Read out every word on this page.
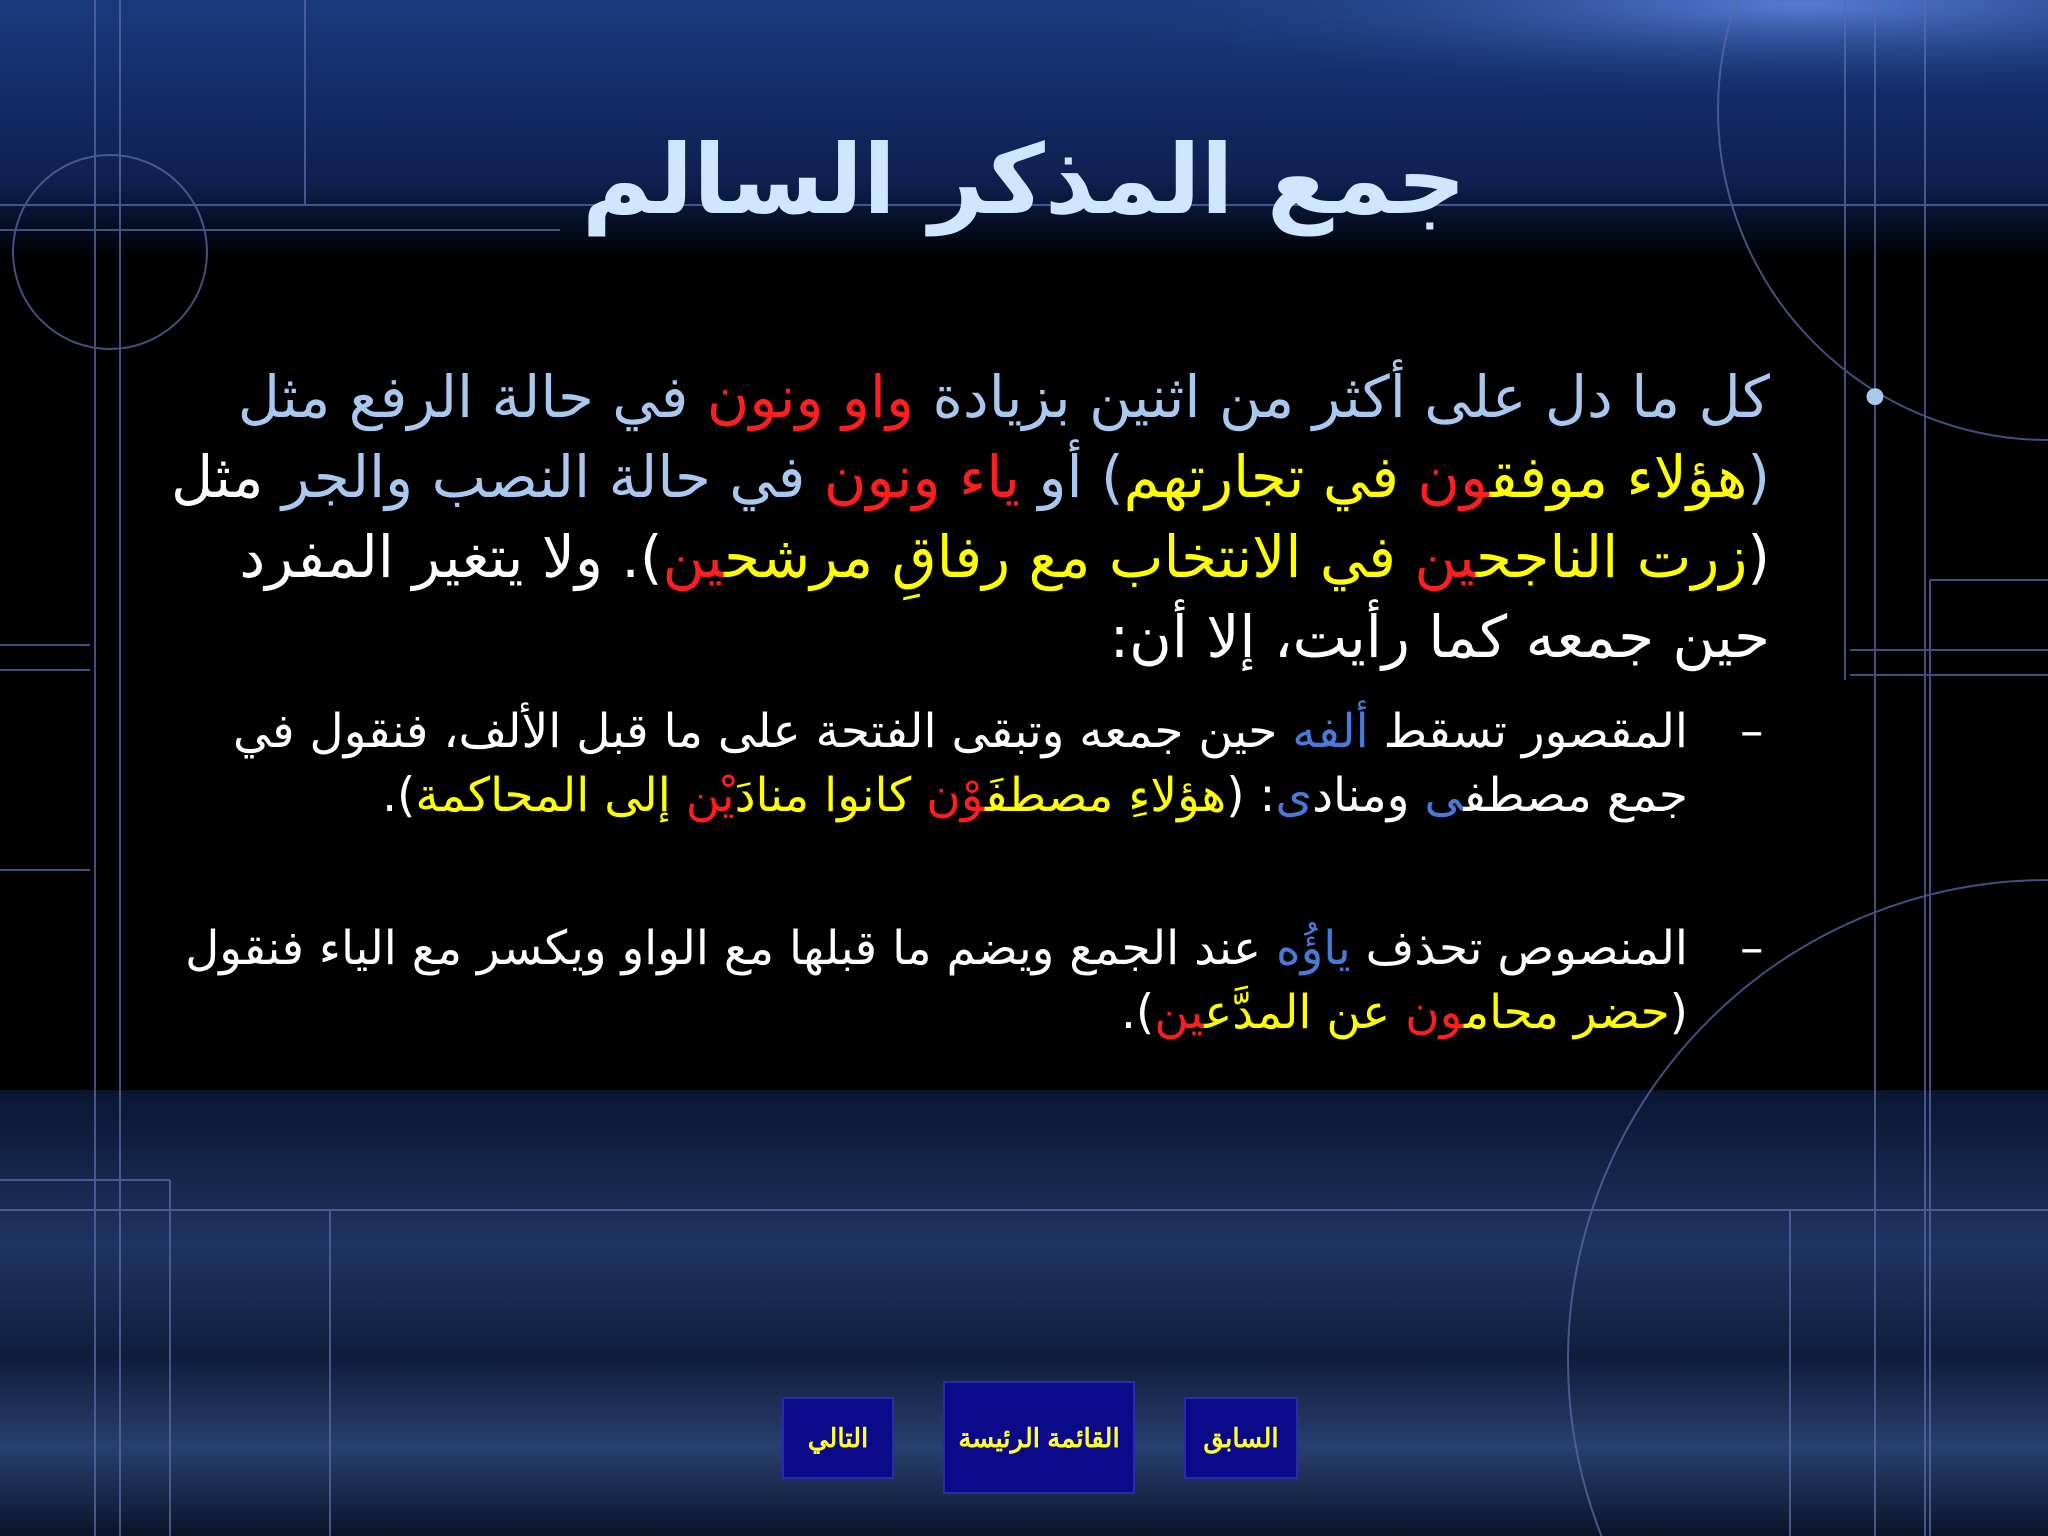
جمع المذكر السالم
•
كل ما دل على أكثر من اثنين بزيادة واو ونون في حالة الرفع مثل (هؤلاء موفقون في تجارتهم) أو ياء ونون في حالة النصب والجر مثل (زرت الناجحين في الانتخاب مع رفاقِ مرشحين). ولا يتغير المفرد حين جمعه كما رأيت، إلا أن:
–
المقصور تسقط ألفه حين جمعه وتبقى الفتحة على ما قبل الألف، فنقول في جمع مصطفى ومنادى: (هؤلاءِ مصطفَوْن كانوا منادَيْن إلى المحاكمة).
–
المنصوص تحذف ياؤُه عند الجمع ويضم ما قبلها مع الواو ويكسر مع الياء فنقول (حضر محامون عن المدَّعين).
التالي	القائمة الرئيسة	السابق
